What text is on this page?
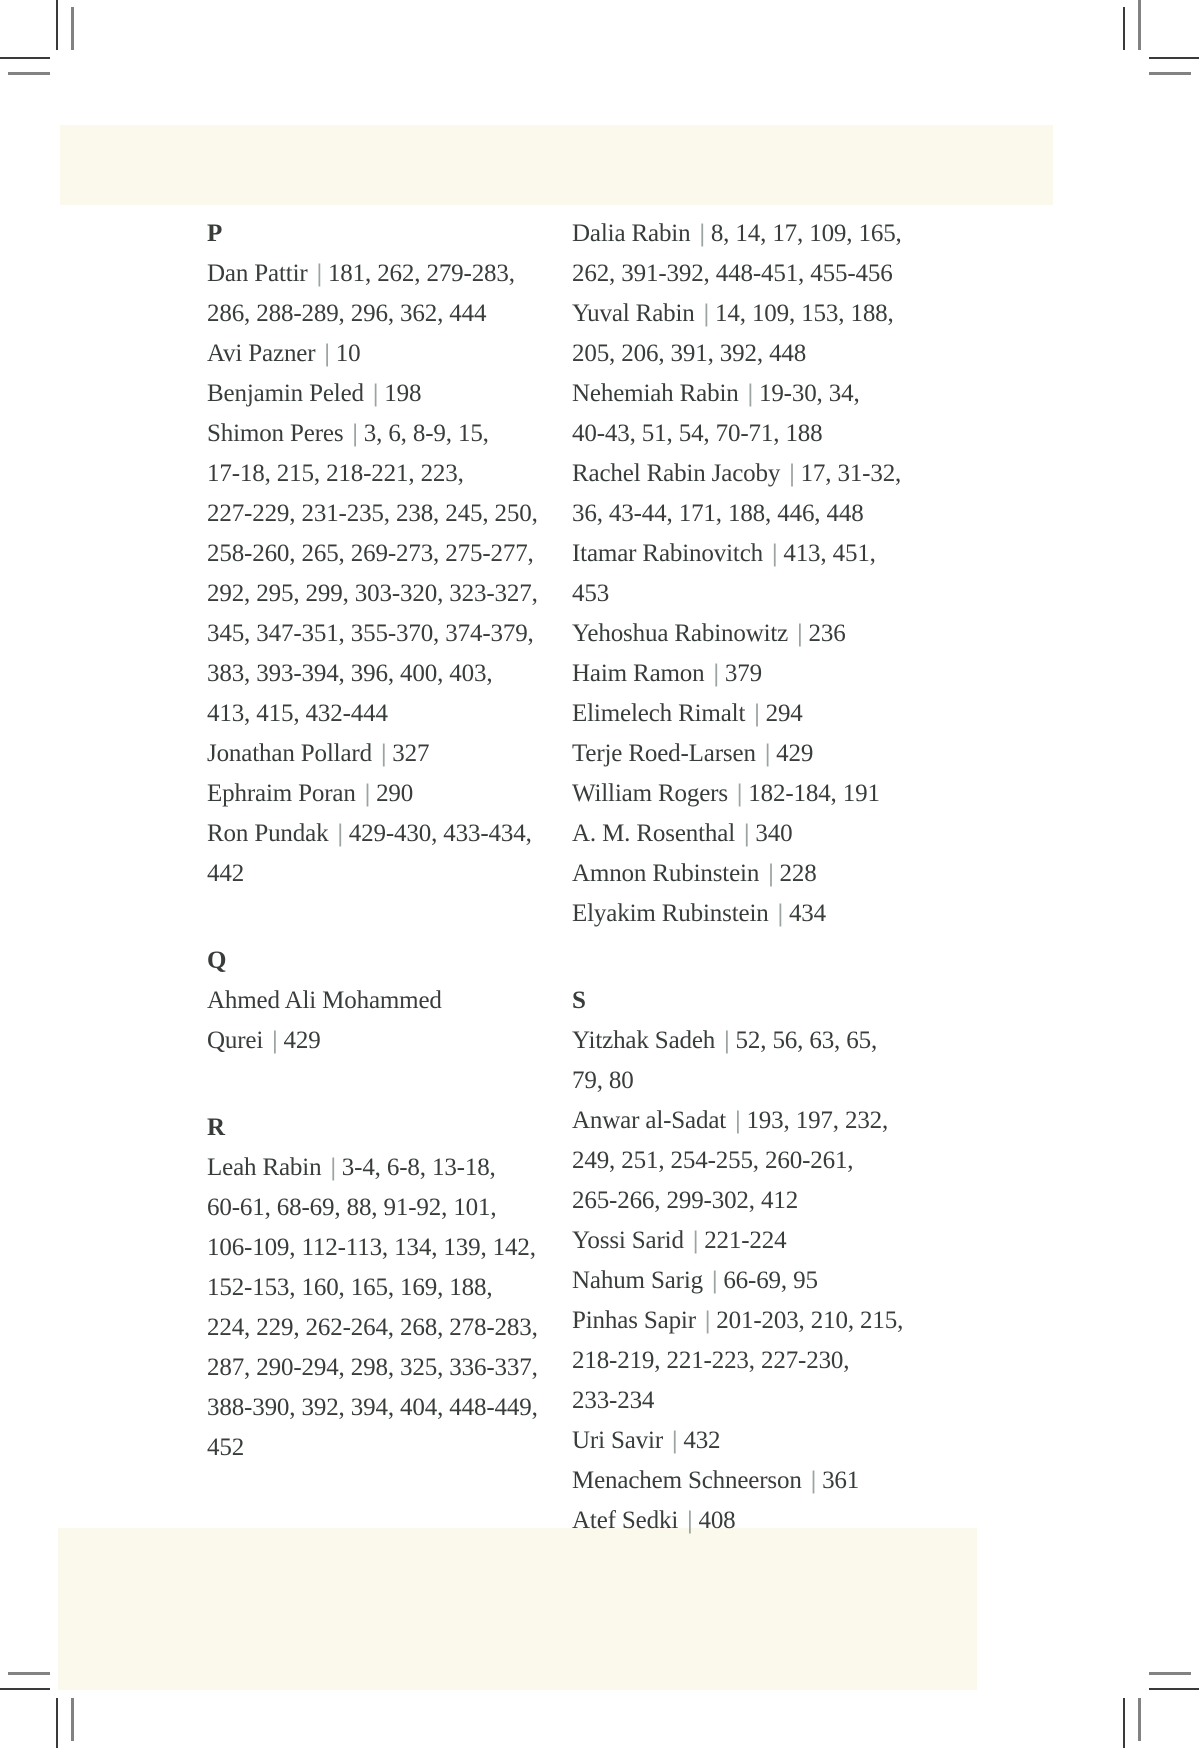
P

Dan Pattir | 181, 262, 279-283, 286, 288-289, 296, 362, 444

Avi Pazner | 10

Benjamin Peled | 198

Shimon Peres | 3, 6, 8-9, 15, 17-18, 215, 218-221, 223, 227-229, 231-235, 238, 245, 250, 258-260, 265, 269-273, 275-277, 292, 295, 299, 303-320, 323-327, 345, 347-351, 355-370, 374-379, 383, 393-394, 396, 400, 403, 413, 415, 432-444

Jonathan Pollard | 327

Ephraim Poran | 290

Ron Pundak | 429-430, 433-434, 442

Q

Ahmed Ali Mohammed Qurei | 429

R

Leah Rabin | 3-4, 6-8, 13-18, 60-61, 68-69, 88, 91-92, 101, 106-109, 112-113, 134, 139, 142, 152-153, 160, 165, 169, 188, 224, 229, 262-264, 268, 278-283, 287, 290-294, 298, 325, 336-337, 388-390, 392, 394, 404, 448-449, 452

Dalia Rabin | 8, 14, 17, 109, 165, 262, 391-392, 448-451, 455-456

Yuval Rabin | 14, 109, 153, 188, 205, 206, 391, 392, 448

Nehemiah Rabin | 19-30, 34, 40-43, 51, 54, 70-71, 188

Rachel Rabin Jacoby | 17, 31-32, 36, 43-44, 171, 188, 446, 448

Itamar Rabinovitch | 413, 451, 453

Yehoshua Rabinowitz | 236

Haim Ramon | 379

Elimelech Rimalt | 294

Terje Roed-Larsen | 429

William Rogers | 182-184, 191

A. M. Rosenthal | 340

Amnon Rubinstein | 228

Elyakim Rubinstein | 434

S

Yitzhak Sadeh | 52, 56, 63, 65, 79, 80

Anwar al-Sadat | 193, 197, 232, 249, 251, 254-255, 260-261, 265-266, 299-302, 412

Yossi Sarid | 221-224

Nahum Sarig | 66-69, 95

Pinhas Sapir | 201-203, 210, 215, 218-219, 221-223, 227-230, 233-234

Uri Savir | 432

Menachem Schneerson | 361

Atef Sedki | 408
